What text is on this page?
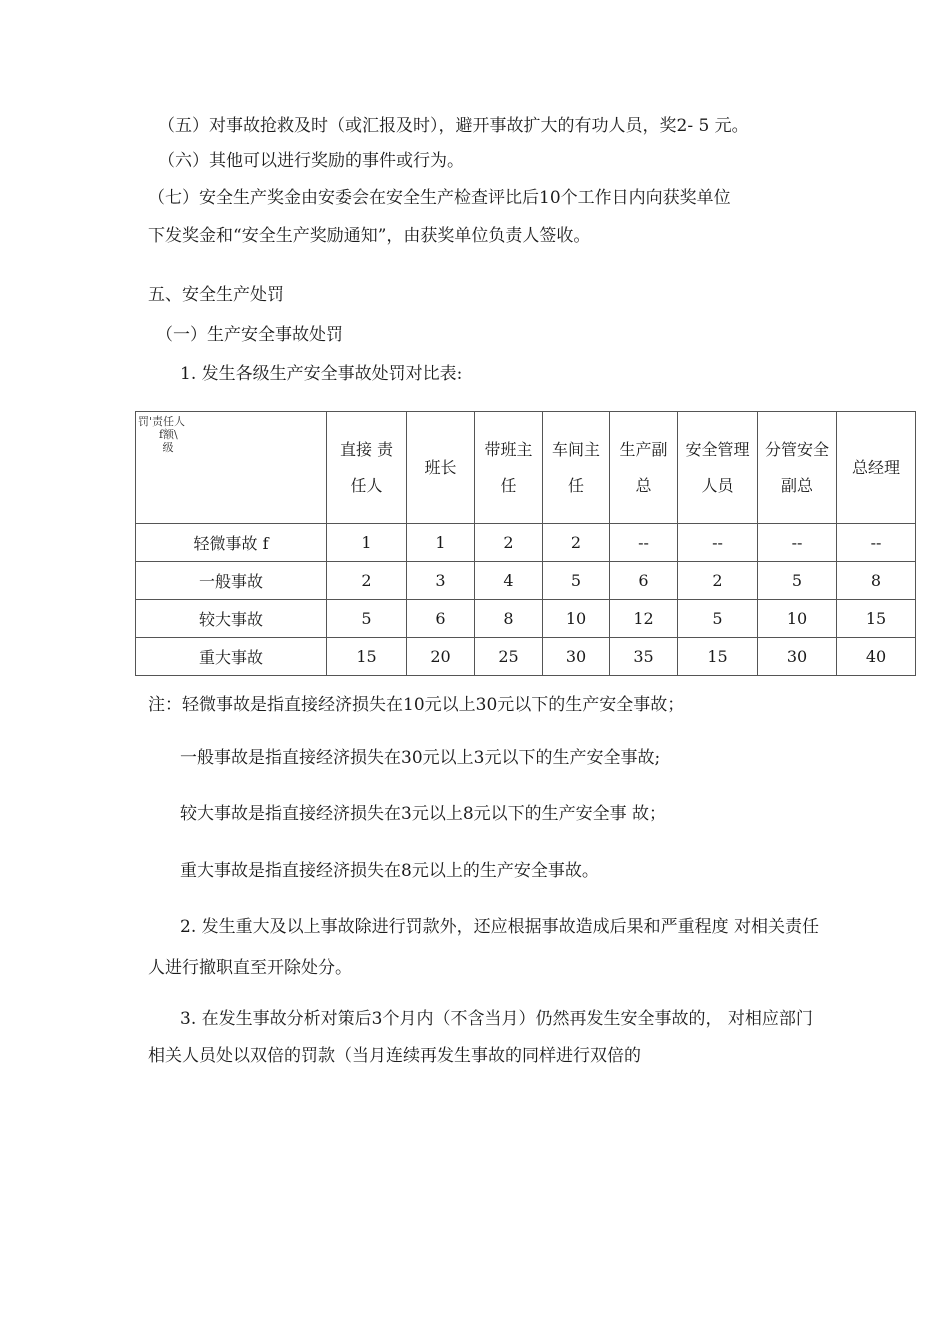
（五）对事故抢救及时（或汇报及时），避开事故扩大的有功人员，奖2- 5 元。
（六）其他可以进行奖励的事件或行为。
（七）安全生产奖金由安委会在安全生产检查评比后10个工作日内向获奖单位
下发奖金和“安全生产奖励通知”，由获奖单位负责人签收。
五、安全生产处罚
（一）生产安全事故处罚
1. 发生各级生产安全事故处罚对比表:
罚'责任人
f额\
级	直接 责任人	班长	带班主任	车间主任	生产副总	安全管理人员	分管安全副总	总经理
轻微事故 f	1	1	2	2	--	--	--	--
一般事故	2	3	4	5	6	2	5	8
较大事故	5	6	8	10	12	5	10	15
重大事故	15	20	25	30	35	15	30	40
注：轻微事故是指直接经济损失在10元以上30元以下的生产安全事故；
一般事故是指直接经济损失在30元以上3元以下的生产安全事故;
较大事故是指直接经济损失在3元以上8元以下的生产安全事 故；
重大事故是指直接经济损失在8元以上的生产安全事故。
2. 发生重大及以上事故除进行罚款外，还应根据事故造成后果和严重程度 对相关责任
人进行撤职直至开除处分。
3. 在发生事故分析对策后3个月内（不含当月）仍然再发生安全事故的， 对相应部门
相关人员处以双倍的罚款（当月连续再发生事故的同样进行双倍的
